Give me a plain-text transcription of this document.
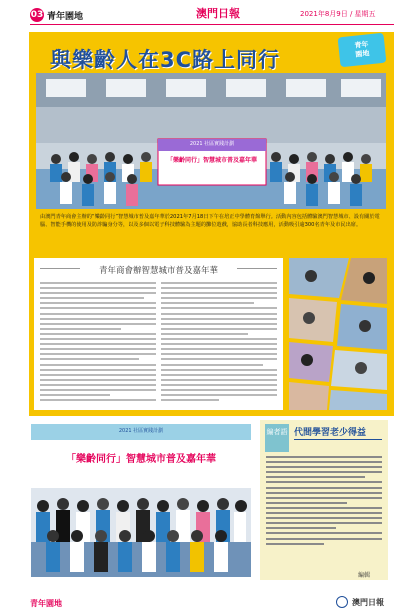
03 青年園地	澳門日報	2021年8月9日 / 星期五
與樂齡人在3C路上同行
青年
園地
2021 社區實踐計劃
「樂齡同行」智慧城市普及嘉年華
由澳門青年商會主辦的“樂齡同行”智慧城市普及嘉年華於2021年7月18日下午在培正中學體育館舉行。活動內容包括體驗澳門智慧城市、設有關於電腦、智能手機的使用及防詐騙身分等，以及多個以電子科技體驗為主題的攤位遊戲，協助長者科技應用，活動吸引逾300名青年及市民出席。
青年商會辦智慧城市普及嘉年華
2021 社區實踐計劃
「樂齡同行」智慧城市普及嘉年華
編者語 代間學習老少得益
編輯
青年園地	澳門日報
